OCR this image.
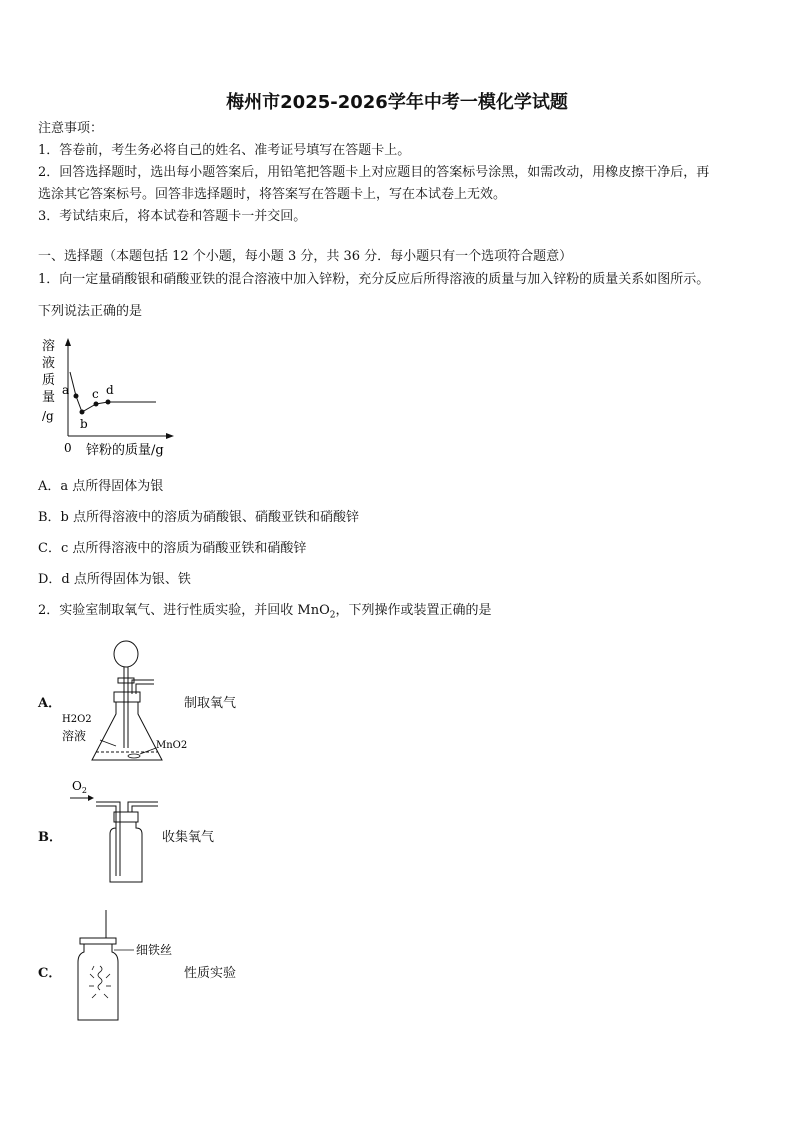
梅州市2025-2026学年中考一模化学试题
注意事项：
1．答卷前，考生务必将自己的姓名、准考证号填写在答题卡上。
2．回答选择题时，选出每小题答案后，用铅笔把答题卡上对应题目的答案标号涂黑，如需改动，用橡皮擦干净后，再
选涂其它答案标号。回答非选择题时，将答案写在答题卡上，写在本试卷上无效。
3．考试结束后，将本试卷和答题卡一并交回。
一、选择题（本题包括 12 个小题，每小题 3 分，共 36 分．每小题只有一个选项符合题意）
1．向一定量硝酸银和硝酸亚铁的混合溶液中加入锌粉，充分反应后所得溶液的质量与加入锌粉的质量关系如图所示。
下列说法正确的是
溶
液
质
量
/g
a
b
c d
0 锌粉的质量/g
A．a 点所得固体为银
B．b 点所得溶液中的溶质为硝酸银、硝酸亚铁和硝酸锌
C．c 点所得溶液中的溶质为硝酸亚铁和硝酸锌
D．d 点所得固体为银、铁
2．实验室制取氧气、进行性质实验，并回收 MnO$_2$，下列操作或装置正确的是
A．	制取氧气
H2O2
溶液
MnO2
B．	收集氧气
$O_2$
C．	性质实验
细铁丝
